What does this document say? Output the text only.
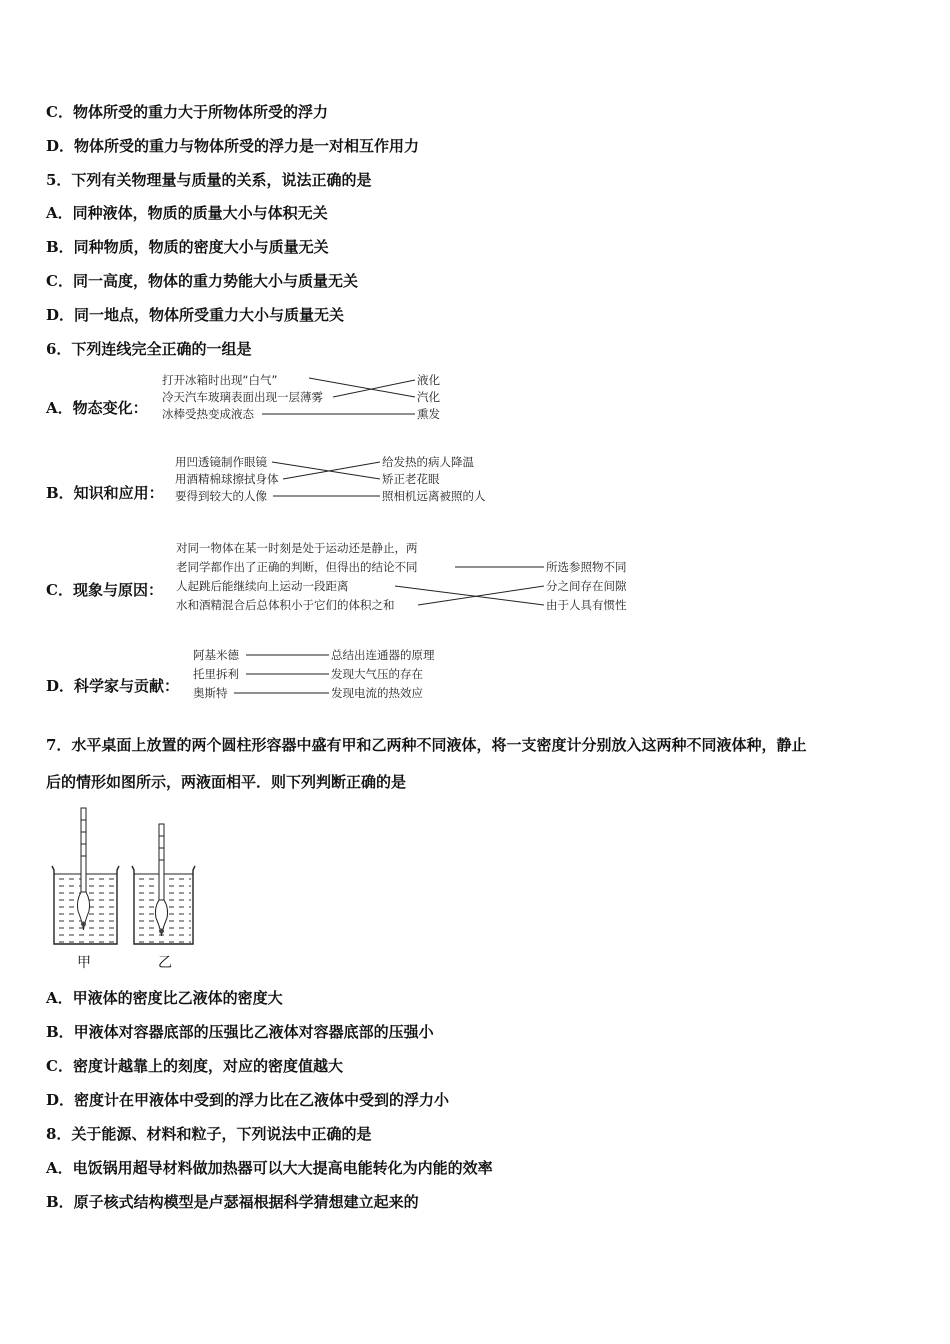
C．物体所受的重力大于所物体所受的浮力
D．物体所受的重力与物体所受的浮力是一对相互作用力
5．下列有关物理量与质量的关系，说法正确的是
A．同种液体，物质的质量大小与体积无关
B．同种物质，物质的密度大小与质量无关
C．同一高度，物体的重力势能大小与质量无关
D．同一地点，物体所受重力大小与质量无关
6．下列连线完全正确的一组是
A．物态变化：
打开冰箱时出现“白气”
冷天汽车玻璃表面出现一层薄雾
冰棒受热变成液态
液化
汽化
熏发
B．知识和应用：
用凹透镜制作眼镜
用酒精棉球擦拭身体
要得到较大的人像
给发热的病人降温
矫正老花眼
照相机远离被照的人
C．现象与原因：
对同一物体在某一时刻是处于运动还是静止，两
老同学都作出了正确的判断，但得出的结论不同
人起跳后能继续向上运动一段距离
水和酒精混合后总体积小于它们的体积之和
所选参照物不同
分之间存在间隙
由于人具有惯性
D．科学家与贡献：
阿基米德
托里拆利
奥斯特
总结出连通器的原理
发现大气压的存在
发现电流的热效应
7．水平桌面上放置的两个圆柱形容器中盛有甲和乙两种不同液体，将一支密度计分别放入这两种不同液体种，静止
后的情形如图所示，两液面相平．则下列判断正确的是
甲	乙
A．甲液体的密度比乙液体的密度大
B．甲液体对容器底部的压强比乙液体对容器底部的压强小
C．密度计越靠上的刻度，对应的密度值越大
D．密度计在甲液体中受到的浮力比在乙液体中受到的浮力小
8．关于能源、材料和粒子，下列说法中正确的是
A．电饭锅用超导材料做加热器可以大大提高电能转化为内能的效率
B．原子核式结构模型是卢瑟福根据科学猜想建立起来的
